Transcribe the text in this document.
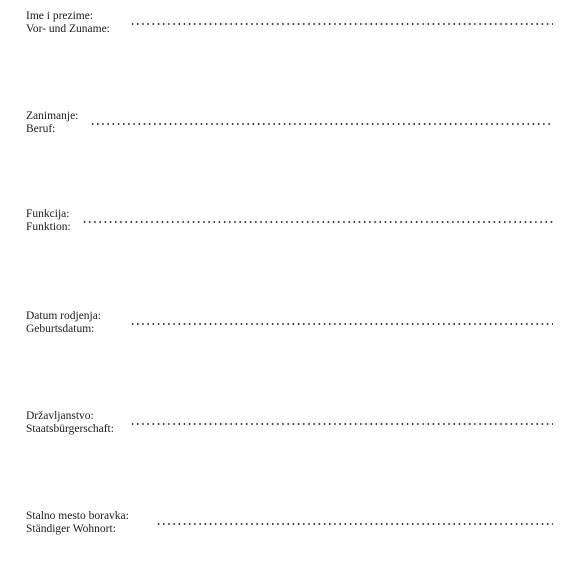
Ime i prezime:
Vor- und Zuname:
Zanimanje:
Beruf:
Funkcija:
Funktion:
Datum rodjenja:
Geburtsdatum:
Državljanstvo:
Staatsbürgerschaft:
Stalno mesto boravka:
Ständiger Wohnort:
